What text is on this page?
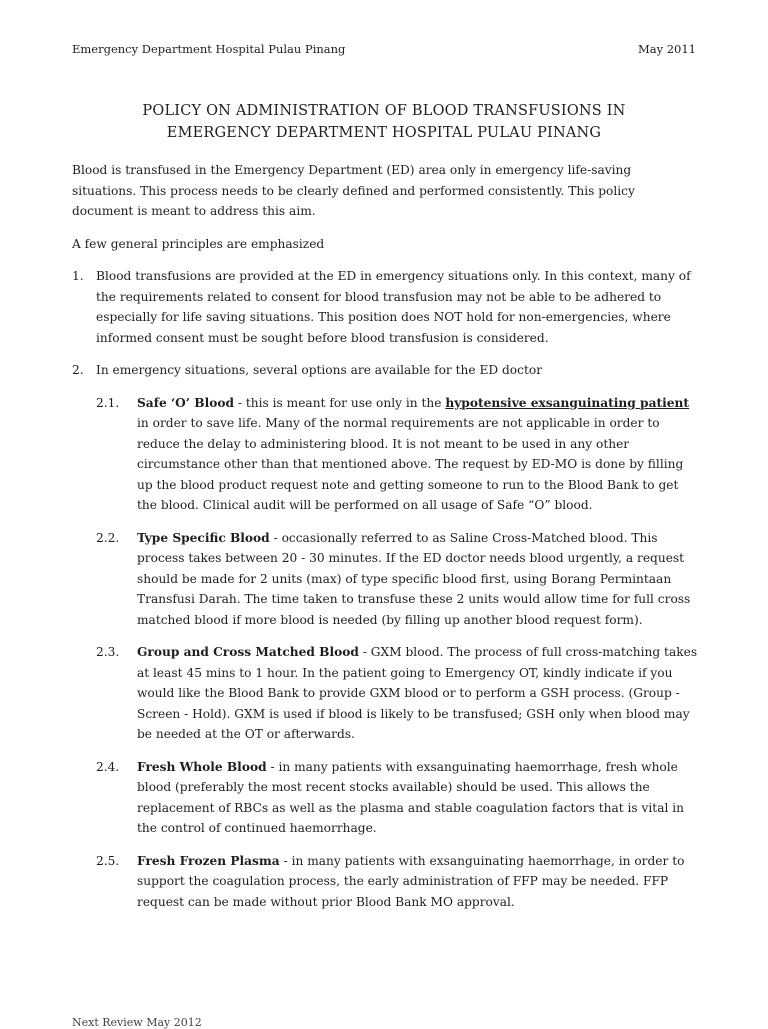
Emergency Department Hospital Pulau Pinang	May 2011
POLICY ON ADMINISTRATION OF BLOOD TRANSFUSIONS IN
EMERGENCY DEPARTMENT HOSPITAL PULAU PINANG

Blood is transfused in the Emergency Department (ED) area only in emergency life-saving situations. This process needs to be clearly defined and performed consistently. This policy document is meant to address this aim.

A few general principles are emphasized

1.	Blood transfusions are provided at the ED in emergency situations only. In this context, many of the requirements related to consent for blood transfusion may not be able to be adhered to especially for life saving situations. This position does NOT hold for non-emergencies, where informed consent must be sought before blood transfusion is considered.
2.	In emergency situations, several options are available for the ED doctor
2.1.	Safe ‘O’ Blood - this is meant for use only in the hypotensive exsanguinating patient in order to save life. Many of the normal requirements are not applicable in order to reduce the delay to administering blood. It is not meant to be used in any other circumstance other than that mentioned above. The request by ED-MO is done by filling up the blood product request note and getting someone to run to the Blood Bank to get the blood. Clinical audit will be performed on all usage of Safe “O” blood.
2.2.	Type Specific Blood - occasionally referred to as Saline Cross-Matched blood. This process takes between 20 - 30 minutes. If the ED doctor needs blood urgently, a request should be made for 2 units (max) of type specific blood first, using Borang Permintaan Transfusi Darah. The time taken to transfuse these 2 units would allow time for full cross matched blood if more blood is needed (by filling up another blood request form).
2.3.	Group and Cross Matched Blood - GXM blood. The process of full cross-matching takes at least 45 mins to 1 hour. In the patient going to Emergency OT, kindly indicate if you would like the Blood Bank to provide GXM blood or to perform a GSH process. (Group - Screen - Hold). GXM is used if blood is likely to be transfused; GSH only when blood may be needed at the OT or afterwards.
2.4.	Fresh Whole Blood - in many patients with exsanguinating haemorrhage, fresh whole blood (preferably the most recent stocks available) should be used. This allows the replacement of RBCs as well as the plasma and stable coagulation factors that is vital in the control of continued haemorrhage.
2.5.	Fresh Frozen Plasma - in many patients with exsanguinating haemorrhage, in order to support the coagulation process, the early administration of FFP may be needed. FFP request can be made without prior Blood Bank MO approval.
Next Review May 2012
